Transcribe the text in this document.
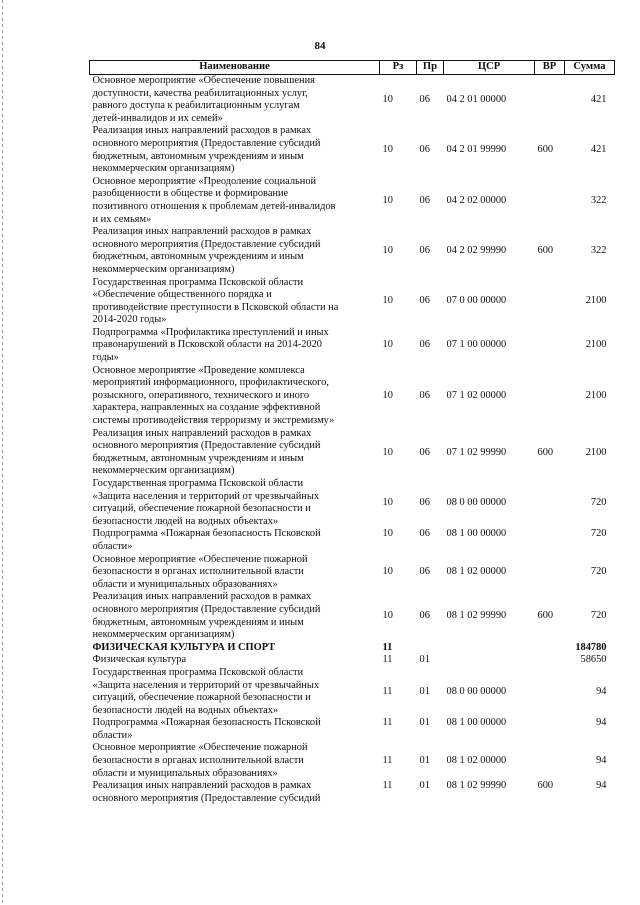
84
Наименование	Рз	Пр	ЦСР	ВР	Сумма
Основное мероприятие «Обеспечение повышения
доступности, качества реабилитационных услуг,
равного доступа к реабилитационным услугам
детей-инвалидов и их семей»	10	06	04 2 01 00000		421
Реализация иных направлений расходов в рамках
основного мероприятия (Предоставление субсидий
бюджетным, автономным учреждениям и иным
некоммерческим организациям)	10	06	04 2 01 99990	600	421
Основное мероприятие «Преодоление социальной
разобщенности в обществе и формирование
позитивного отношения к проблемам детей-инвалидов
и их семьям»	10	06	04 2 02 00000		322
Реализация иных направлений расходов в рамках
основного мероприятия (Предоставление субсидий
бюджетным, автономным учреждениям и иным
некоммерческим организациям)	10	06	04 2 02 99990	600	322
Государственная программа Псковской области
«Обеспечение общественного порядка и
противодействие преступности в Псковской области на
2014-2020 годы»	10	06	07 0 00 00000		2100
Подпрограмма «Профилактика преступлений и иных
правонарушений в Псковской области на 2014-2020
годы»	10	06	07 1 00 00000		2100
Основное мероприятие «Проведение комплекса
мероприятий информационного, профилактического,
розыскного, оперативного, технического и иного
характера, направленных на создание эффективной
системы противодействия терроризму и экстремизму»	10	06	07 1 02 00000		2100
Реализация иных направлений расходов в рамках
основного мероприятия (Предоставление субсидий
бюджетным, автономным учреждениям и иным
некоммерческим организациям)	10	06	07 1 02 99990	600	2100
Государственная программа Псковской области
«Защита населения и территорий от чрезвычайных
ситуаций, обеспечение пожарной безопасности и
безопасности людей на водных объектах»	10	06	08 0 00 00000		720
Подпрограмма «Пожарная безопасность Псковской
области»	10	06	08 1 00 00000		720
Основное мероприятие «Обеспечение пожарной
безопасности в органах исполнительной власти
области и муниципальных образованиях»	10	06	08 1 02 00000		720
Реализация иных направлений расходов в рамках
основного мероприятия (Предоставление субсидий
бюджетным, автономным учреждениям и иным
некоммерческим организациям)	10	06	08 1 02 99990	600	720
ФИЗИЧЕСКАЯ КУЛЬТУРА И СПОРТ	11				184780
Физическая культура	11	01			58650
Государственная программа Псковской области
«Защита населения и территорий от чрезвычайных
ситуаций, обеспечение пожарной безопасности и
безопасности людей на водных объектах»	11	01	08 0 00 00000		94
Подпрограмма «Пожарная безопасность Псковской
области»	11	01	08 1 00 00000		94
Основное мероприятие «Обеспечение пожарной
безопасности в органах исполнительной власти
области и муниципальных образованиях»	11	01	08 1 02 00000		94
Реализация иных направлений расходов в рамках
основного мероприятия (Предоставление субсидий	11	01	08 1 02 99990	600	94
